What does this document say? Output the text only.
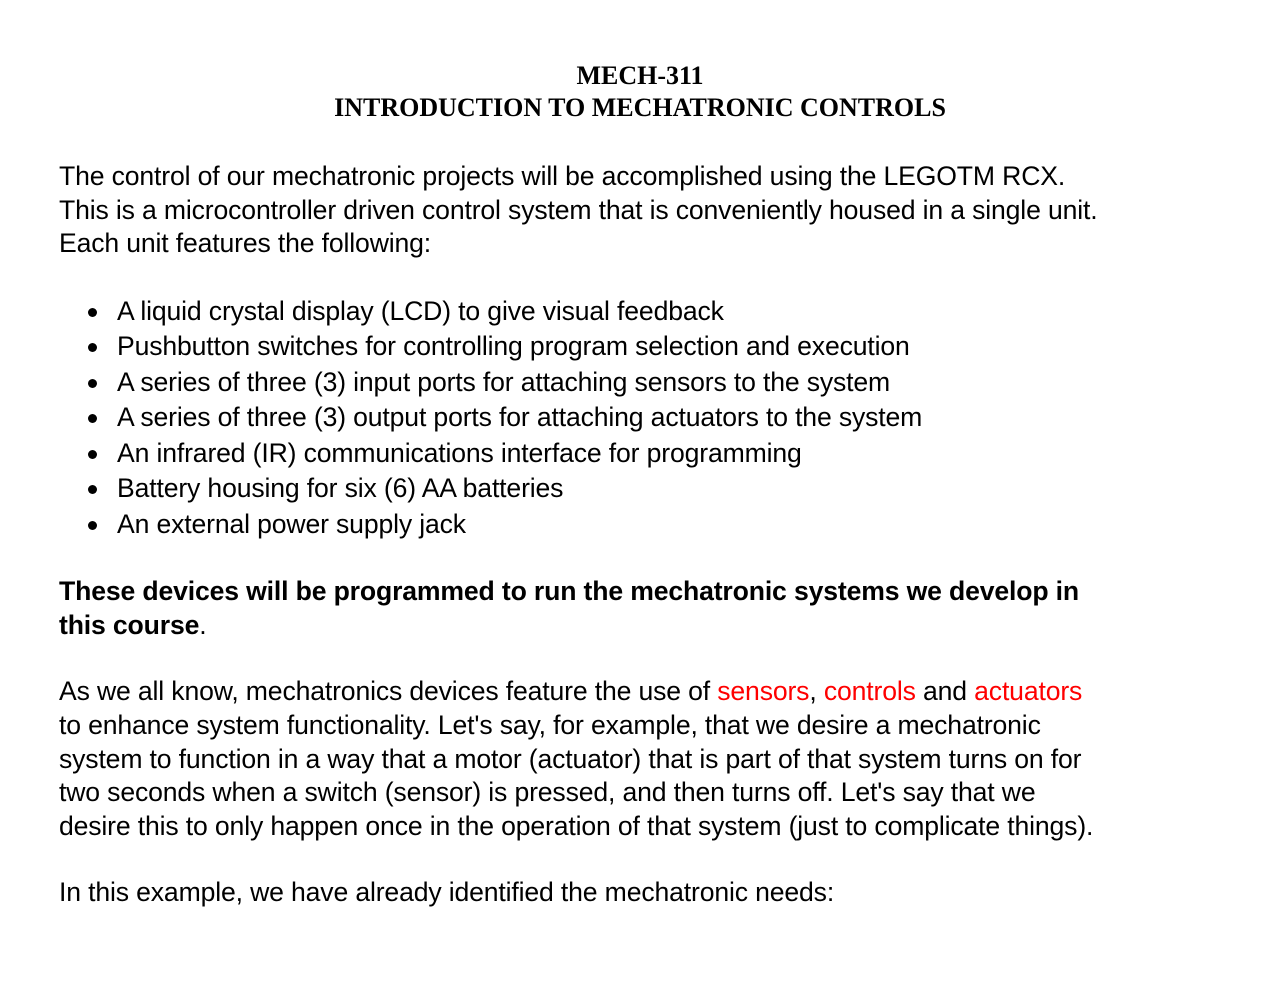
MECH-311
INTRODUCTION TO MECHATRONIC CONTROLS

The control of our mechatronic projects will be accomplished using the LEGOTM RCX.
This is a microcontroller driven control system that is conveniently housed in a single unit.
Each unit features the following:

A liquid crystal display (LCD) to give visual feedback
Pushbutton switches for controlling program selection and execution
A series of three (3) input ports for attaching sensors to the system
A series of three (3) output ports for attaching actuators to the system
An infrared (IR) communications interface for programming
Battery housing for six (6) AA batteries
An external power supply jack

These devices will be programmed to run the mechatronic systems we develop in
this course.

As we all know, mechatronics devices feature the use of sensors, controls and actuators
to enhance system functionality. Let's say, for example, that we desire a mechatronic
system to function in a way that a motor (actuator) that is part of that system turns on for
two seconds when a switch (sensor) is pressed, and then turns off. Let's say that we
desire this to only happen once in the operation of that system (just to complicate things).

In this example, we have already identified the mechatronic needs:
